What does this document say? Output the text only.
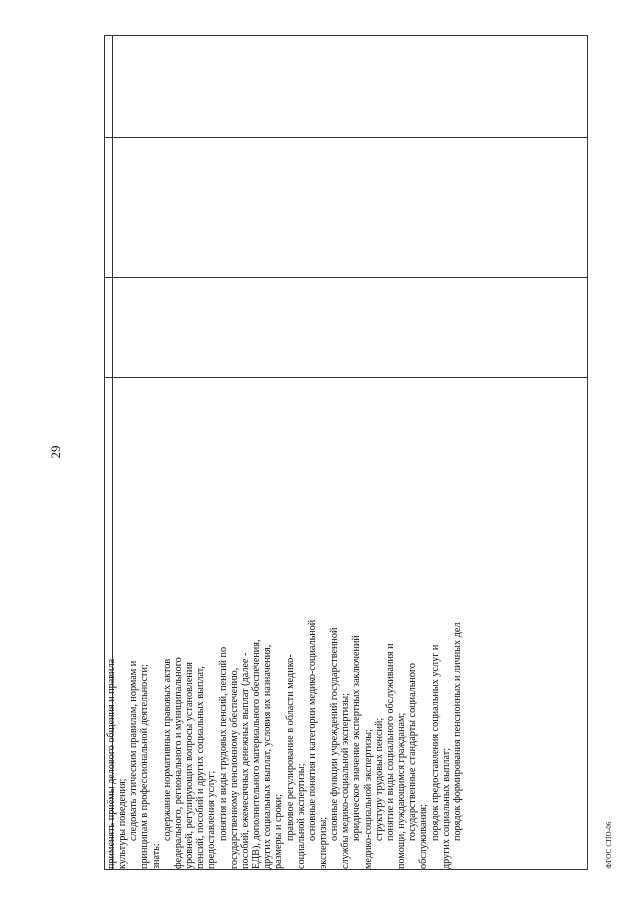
29
применять приёмы делового общения и правила культуры поведения; следовать этическим правилам, нормам и принципам в профессиональной деятельности; знать:
содержание нормативных правовых актов федерального, регионального и муниципального уровней, регулирующих вопросы установления пенсий, пособий и других социальных выплат, предоставления услуг; понятия и виды трудовых пенсий, пенсий по государственному пенсионному обеспечению, пособий, ежемесячных денежных выплат (далее - ЕДВ), дополнительного материального обеспечения, других социальных выплат, условия их назначения, размеры и сроки; правовое регулирование в области медико- социальной экспертизы; основные понятия и категории медико-социальной
экспертизы;
основные функции учреждений государственной службы медико-социальной экспертизы; юридическое значение экспертных заключений медико-социальной экспертизы; структуру трудовых пенсий; понятие и виды социального обслуживания и помощи, нуждающимся гражданам; государственные стандарты социального обслуживания; порядок предоставления социальных услуг и других социальных выплат; порядок формирования пенсионных и личных дел
ФГОС СПО-06
